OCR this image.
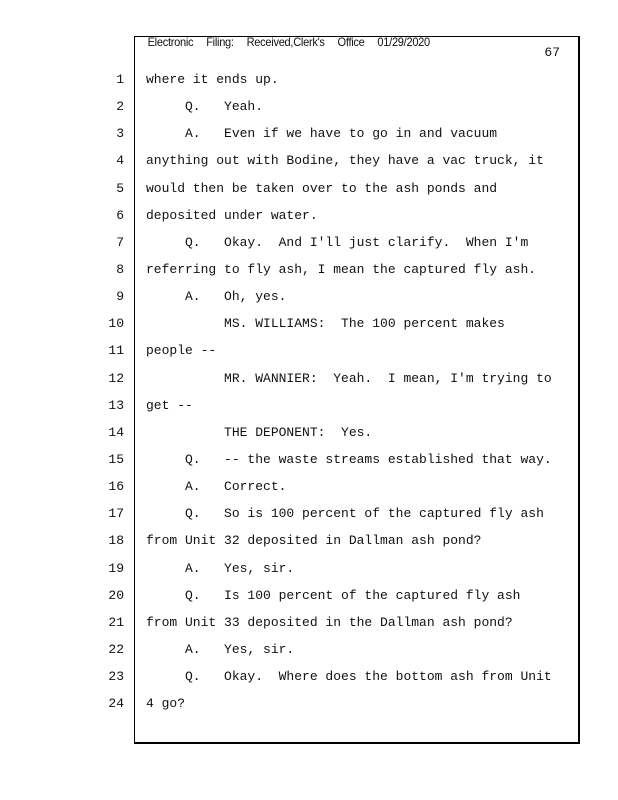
Electronic Filing: Received,Clerk's Office 01/29/2020

67
1
2
3
4
5
6
7
8
9
10
11
12
13
14
15
16
17
18
19
20
21
22
23
24
where it ends up.
Q.   Yeah.
A.   Even if we have to go in and vacuum
anything out with Bodine, they have a vac truck, it
would then be taken over to the ash ponds and
deposited under water.
Q.   Okay.  And I'll just clarify.  When I'm
referring to fly ash, I mean the captured fly ash.
A.   Oh, yes.
MS. WILLIAMS:  The 100 percent makes
people --
MR. WANNIER:  Yeah.  I mean, I'm trying to
get --
THE DEPONENT:  Yes.
Q.   -- the waste streams established that way.
A.   Correct.
Q.   So is 100 percent of the captured fly ash
from Unit 32 deposited in Dallman ash pond?
A.   Yes, sir.
Q.   Is 100 percent of the captured fly ash
from Unit 33 deposited in the Dallman ash pond?
A.   Yes, sir.
Q.   Okay.  Where does the bottom ash from Unit
4 go?
